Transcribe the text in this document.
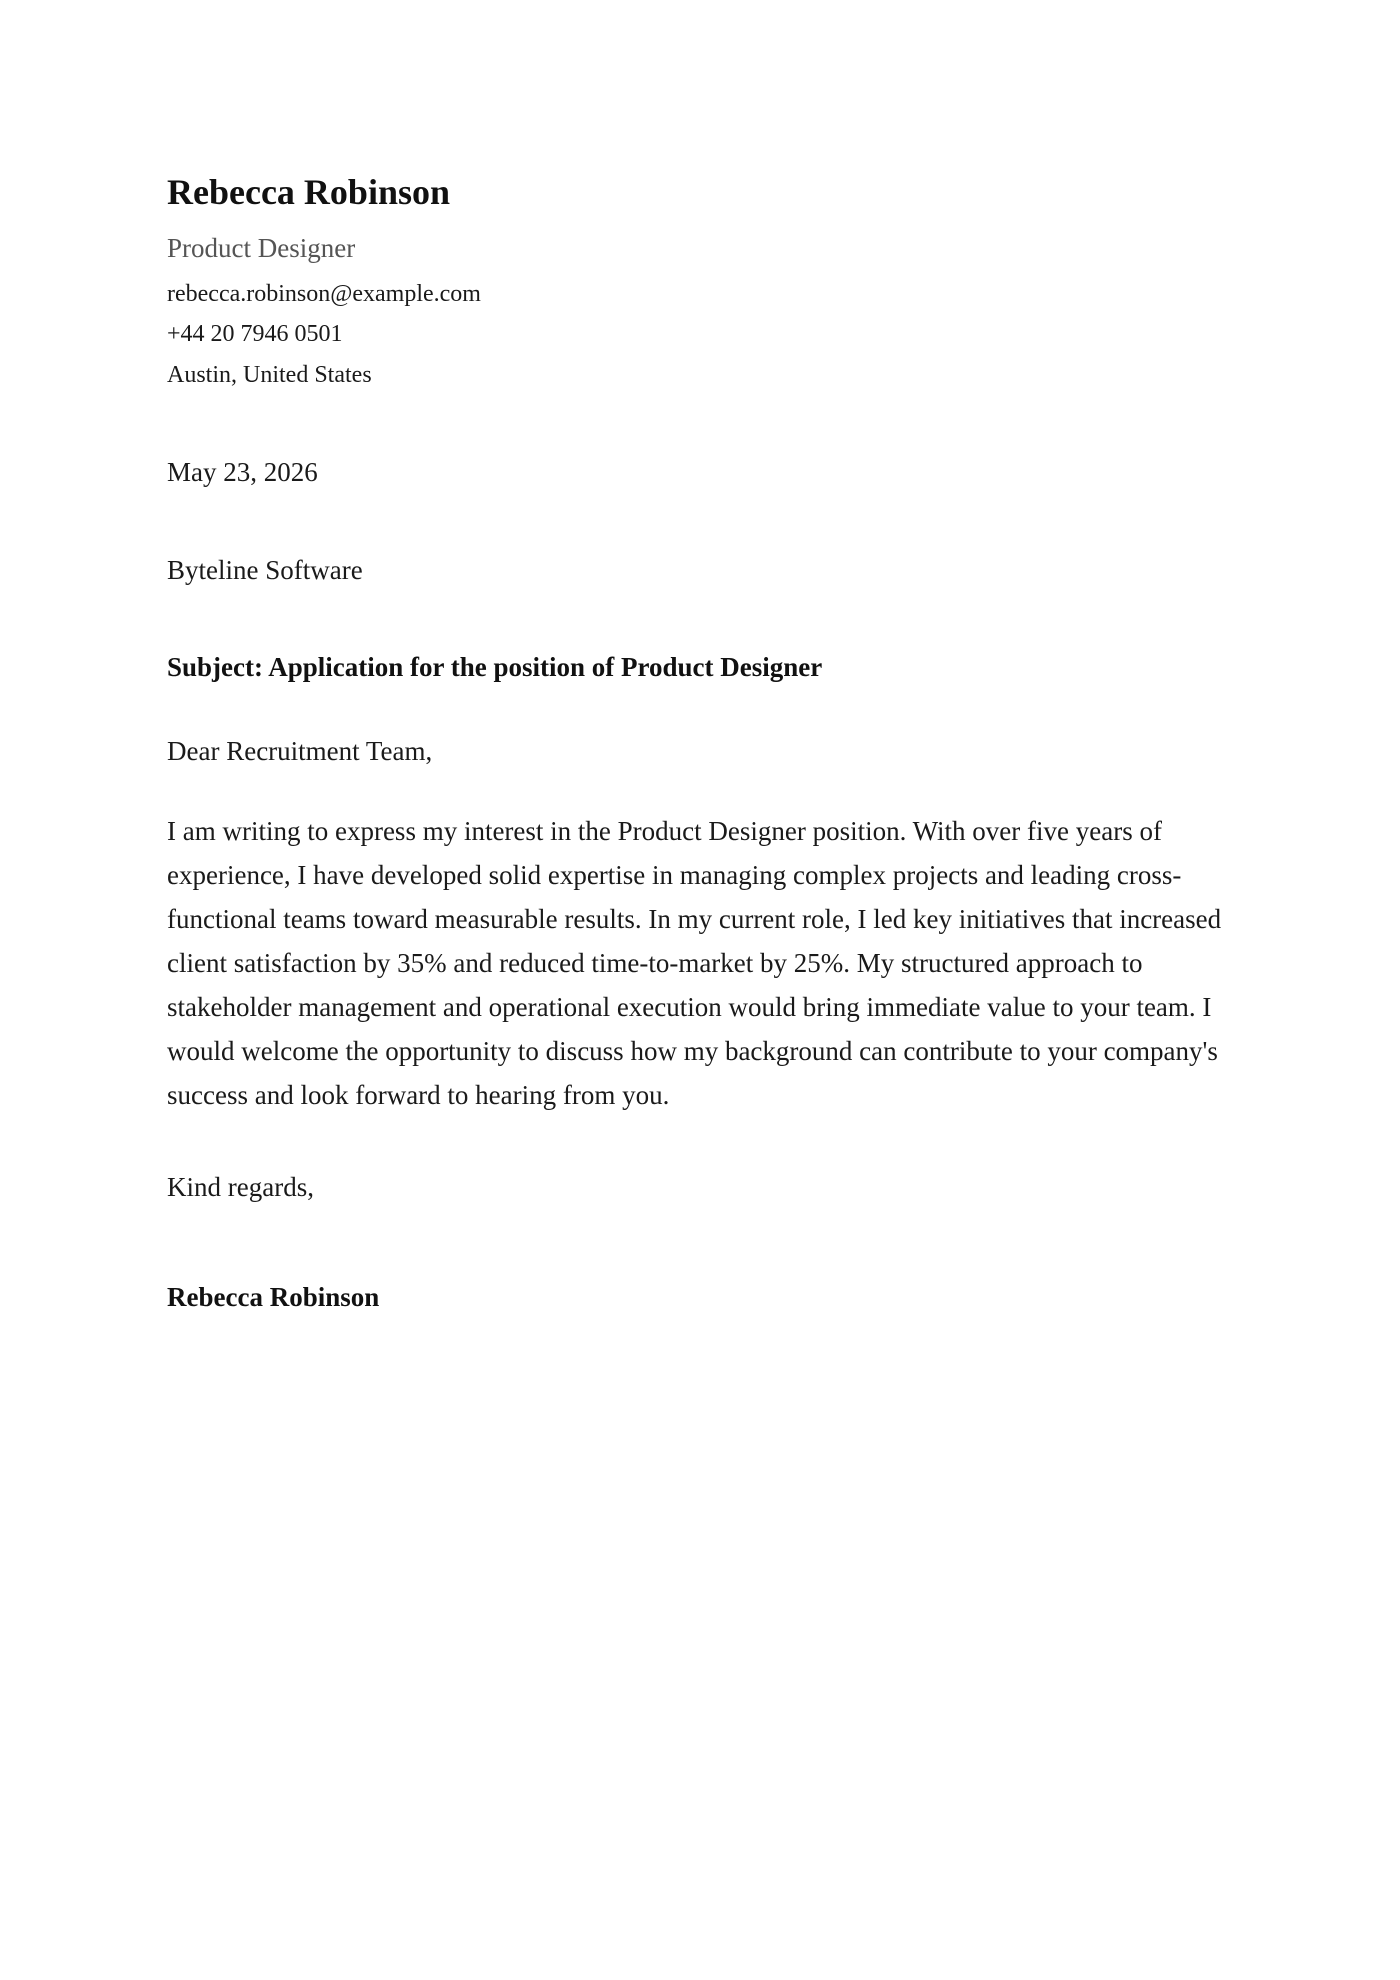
Rebecca Robinson
Product Designer
rebecca.robinson@example.com
+44 20 7946 0501
Austin, United States
May 23, 2026
Byteline Software
Subject: Application for the position of Product Designer
Dear Recruitment Team,

I am writing to express my interest in the Product Designer position. With over five years of experience, I have developed solid expertise in managing complex projects and leading cross-functional teams toward measurable results. In my current role, I led key initiatives that increased client satisfaction by 35% and reduced time-to-market by 25%. My structured approach to stakeholder management and operational execution would bring immediate value to your team. I would welcome the opportunity to discuss how my background can contribute to your company's success and look forward to hearing from you.

Kind regards,
Rebecca Robinson
